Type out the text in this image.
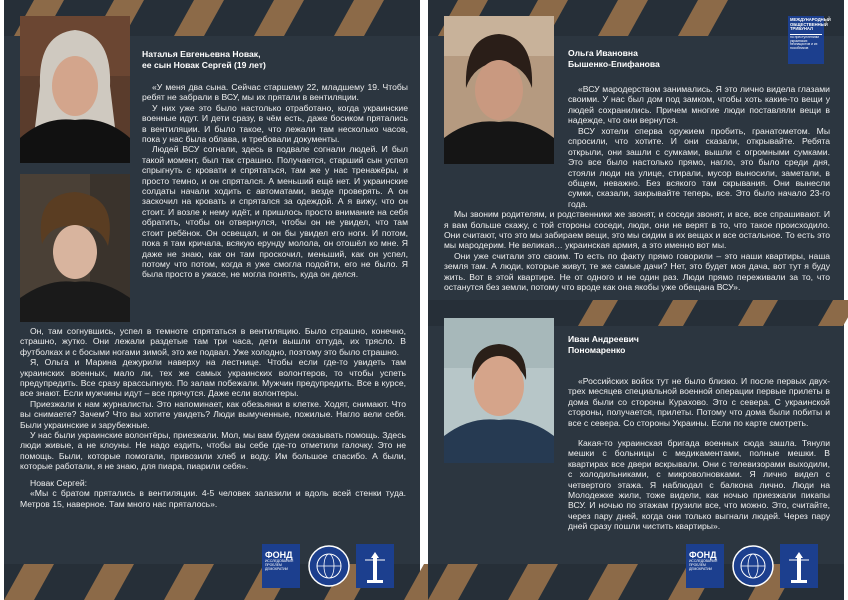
Наталья Евгеньевна Новак,
ее сын Новак Сергей (19 лет)

«У меня два сына. Сейчас старшему 22, младшему 19. Чтобы ребят не забрали в ВСУ, мы их прятали в вентиляции.

У них уже это было настолько отработано, когда украинские военные идут. И дети сразу, в чём есть, даже босиком прятались в вентиляции. И было такое, что лежали там несколько часов, пока у нас была облава, и требовали документы.

Людей ВСУ согнали, здесь в подвале согнали людей. И был такой момент, был так страшно. Получается, старший сын успел спрыгнуть с кровати и спрятаться, там же у нас тренажёры, и просто темно, и он спрятался. А меньший ещё нет. И украинские солдаты начали ходить с автоматами, везде проверять. А он заскочил на кровать и спрятался за одеждой. А я вижу, что он стоит. И возле к нему идёт, и пришлось просто внимание на себя обратить, чтобы он отвернулся, чтобы он не увидел, что там стоит ребёнок. Он освещал, и он бы увидел его ноги. И потом, пока я там кричала, всякую ерунду мололa, он отошёл ко мне. Я даже не знаю, как он там проскочил, меньший, как он успел, потому что потом, когда я уже смогла подойти, его не было. Я была просто в ужасе, не могла понять, куда он делся.

Он, там согнувшись, успел в темноте спрятаться в вентиляцию. Было страшно, конечно, страшно, жутко. Они лежали раздетые там три часа, дети вышли оттуда, их трясло. В футболках и с босыми ногами зимой, это же подвал. Уже холодно, поэтому это было страшно.

Я, Ольга и Марина дежурили наверху на лестнице. Чтобы если где-то увидеть там украинских военных, мало ли, тех же самых украинских волонтеров, то чтобы успеть предупредить. Все сразу врассыпную. По залам побежали. Мужчин предупредить. Все в курсе, все знают. Если мужчины идут – все прячутся. Даже если волонтеры.

Приезжали к нам журналисты. Это напоминает, как обезьянки в клетке. Ходят, снимают. Что вы снимаете? Зачем? Что вы хотите увидеть? Люди вымученные, пожилые. Нагло вели себя. Были украинские и зарубежные.

У нас были украинские волонтёры, приезжали. Мол, мы вам будем оказывать помощь. Здесь люди живые, а не клоуны. Не надо ездить, чтобы вы себе где-то отметили галочку. Это не помощь. Были, которые помогали, привозили хлеб и воду. Им большое спасибо. А были, которые работали, я не знаю, для пиара, пиарили себя».

Новак Сергей:

«Мы с братом прятались в вентиляции. 4-5 человек залазили и вдоль всей стенки туда. Метров 15, наверное. Там много нас пряталось».

МЕЖДУНАРОДНЫЙ ОБЩЕСТВЕННЫЙ ТРИБУНАЛ
по преступлениям украинских неонацистов и их пособников
Ольга Ивановна
Бышенко-Епифанова

«ВСУ мародерством занимались. Я это лично видела глазами своими. У нас был дом под замком, чтобы хоть какие-то вещи у людей сохранились. Причем многие люди поставляли вещи в надежде, что они вернутся.

ВСУ хотели сперва оружием пробить, гранатометом. Мы спросили, что хотите. И они сказали, открывайте. Ребята открыли, они зашли с сумками, вышли с огромными сумками. Это все было настолько прямо, нагло, это было среди дня, стояли люди на улице, стирали, мусор выносили, заметали, в общем, неважно. Без всякого там скрывания. Они вынесли сумки, сказали, закрывайте теперь, все. Это было начало 23-го года.

Мы звоним родителям, и родственники же звонят, и соседи звонят, и все, все спрашивают. И я вам больше скажу, с той стороны соседи, люди, они не верят в то, что такое происходило. Они считают, что это мы забираем вещи, это мы сидим в их вещах и все остальное. То есть это мы мародерим. Не великая… украинская армия, а это именно вот мы.

Они уже считали это своим. То есть по факту прямо говорили – это наши квартиры, наша земля там. А люди, которые живут, те же самые дачи? Нет, это будет моя дача, вот тут я буду жить. Вот в этой квартире. Не от одного и не один раз. Люди прямо переживали за то, что останутся без земли, потому что вроде как она якобы уже обещана ВСУ».

Иван Андреевич
Пономаренко

«Российских войск тут не было близко. И после первых двух-трех месяцев специальной военной операции первые прилеты в дома были со стороны Курахово. Это с севера. С украинской стороны, получается, прилеты. Потому что дома были побиты и все с севера. Со стороны Украины. Если по карте смотреть.

Какая-то украинская бригада военных сюда зашла. Тянули мешки с больницы с медикаментами, полные мешки. В квартирах все двери вскрывали. Они с телевизорами выходили, с холодильниками, с микроволновками. Я лично видел с четвертого этажа. Я наблюдал с балкона лично. Люди на Молодежке жили, тоже видели, как ночью приезжали пикапы ВСУ. И ночью по этажам грузили все, что можно. Это, считайте, через пару дней, когда они только выгнали людей. Через пару дней сразу пошли чистить квартиры».

ФОНД
ИССЛЕДОВАНИЯ ПРОБЛЕМ ДЕМОКРАТИИ
ФОНД
ИССЛЕДОВАНИЯ ПРОБЛЕМ ДЕМОКРАТИИ
